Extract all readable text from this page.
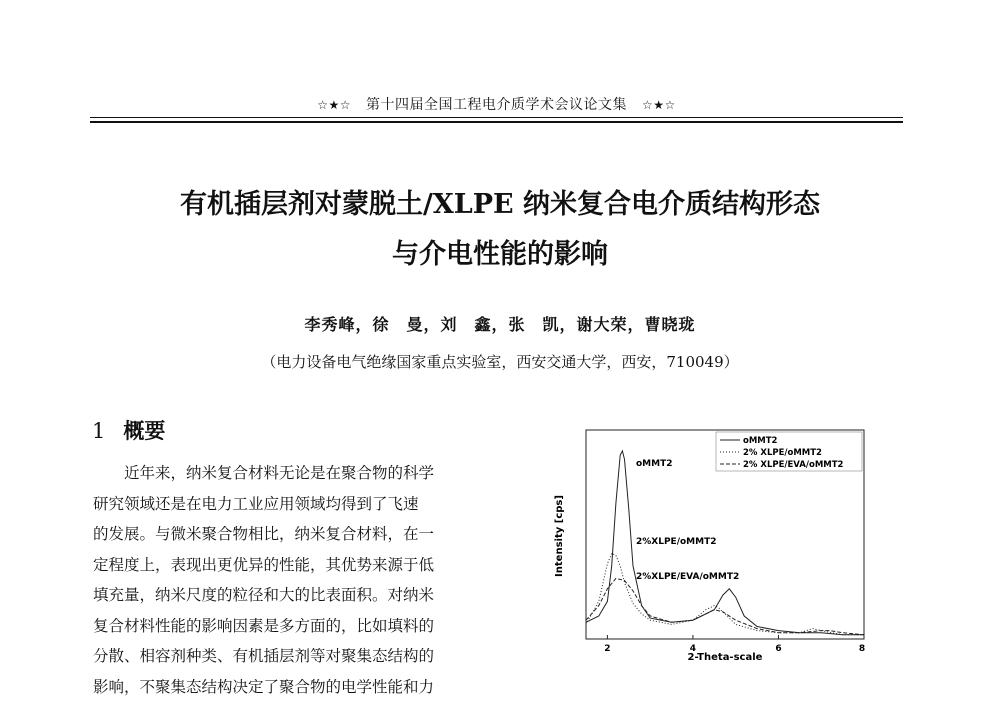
☆★☆ 第十四届全国工程电介质学术会议论文集 ☆★☆
有机插层剂对蒙脱土/XLPE 纳米复合电介质结构形态
与介电性能的影响
李秀峰，徐　曼，刘　鑫，张　凯，谢大荣，曹晓珑
（电力设备电气绝缘国家重点实验室，西安交通大学，西安，710049）
1 概要
　　近年来，纳米复合材料无论是在聚合物的科学
研究领域还是在电力工业应用领域均得到了飞速
的发展。与微米聚合物相比，纳米复合材料，在一
定程度上，表现出更优异的性能，其优势来源于低
填充量，纳米尺度的粒径和大的比表面积。对纳米
复合材料性能的影响因素是多方面的，比如填料的
分散、相容剂种类、有机插层剂等对聚集态结构的
影响，不聚集态结构决定了聚合物的电学性能和力
2	4	6	8
Intensity [cps]
2-Theta-scale
oMMT2
2% XLPE/oMMT2
2% XLPE/EVA/oMMT2
oMMT2
2%XLPE/oMMT2
2%XLPE/EVA/oMMT2
